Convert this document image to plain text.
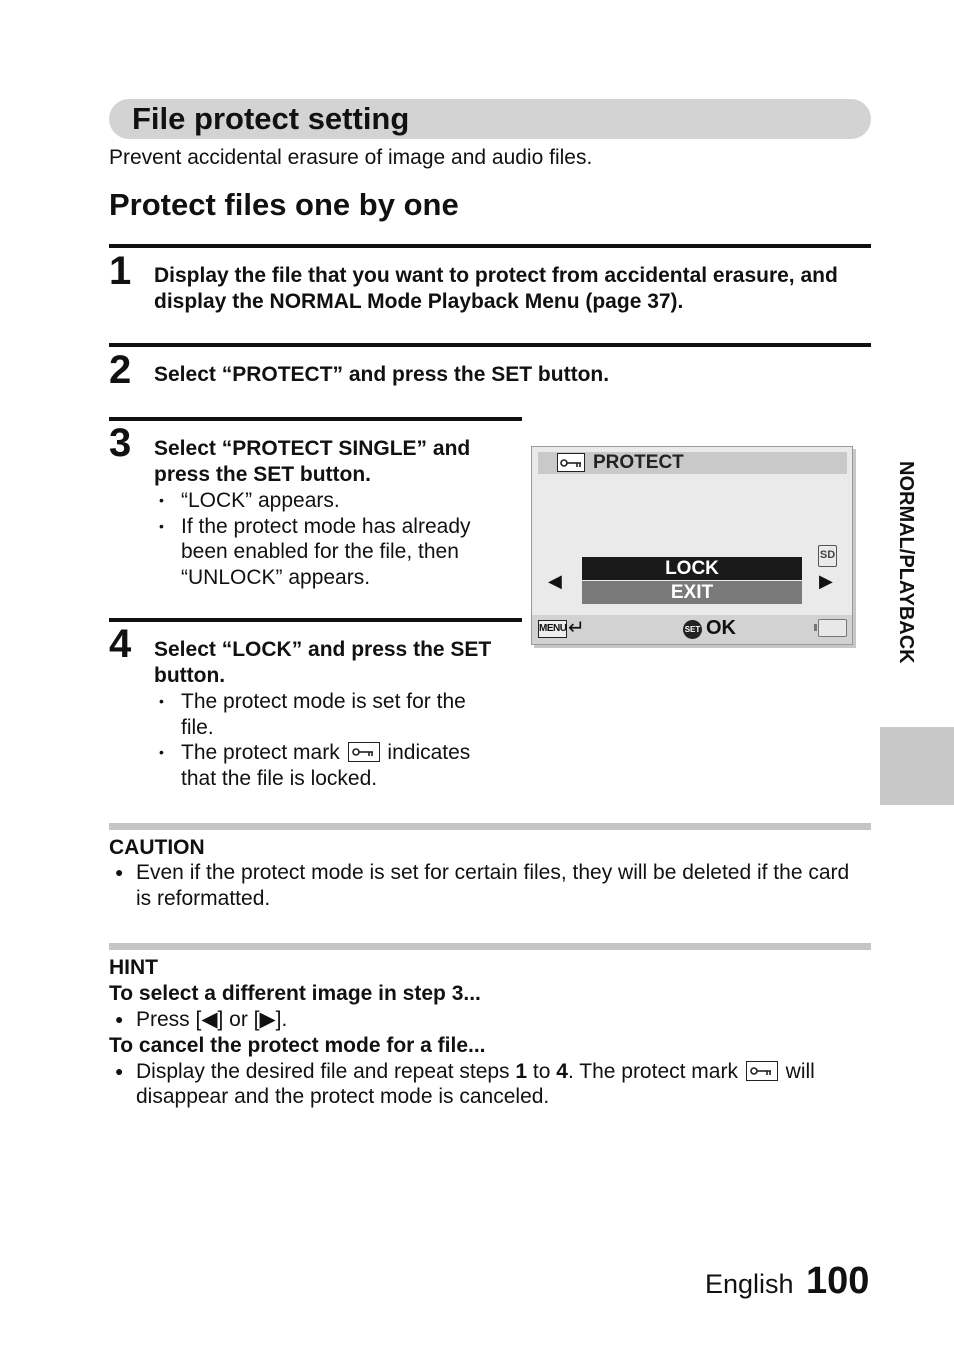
File protect setting
Prevent accidental erasure of image and audio files.
Protect files one by one
1 Display the file that you want to protect from accidental erasure, and
display the NORMAL Mode Playback Menu (page 37).
2 Select “PROTECT” and press the SET button.
3 Select “PROTECT SINGLE” and
press the SET button.
• “LOCK” appears.
• If the protect mode has already been enabled for the file, then “UNLOCK” appears.
4 Select “LOCK” and press the SET
button.
• The protect mode is set for the file.
• The protect mark indicates that the file is locked.
PROTECT
SD
◀
LOCK
EXIT
▶
MENU ↵	SET OK	NORMAL/PLAYBACK
CAUTION
● Even if the protect mode is set for certain files, they will be deleted if the card is reformatted.
HINT
To select a different image in step 3...
● Press [◀] or [▶].
To cancel the protect mode for a file...
● Display the desired file and repeat steps 1 to 4. The protect mark will disappear and the protect mode is canceled.
English 100
